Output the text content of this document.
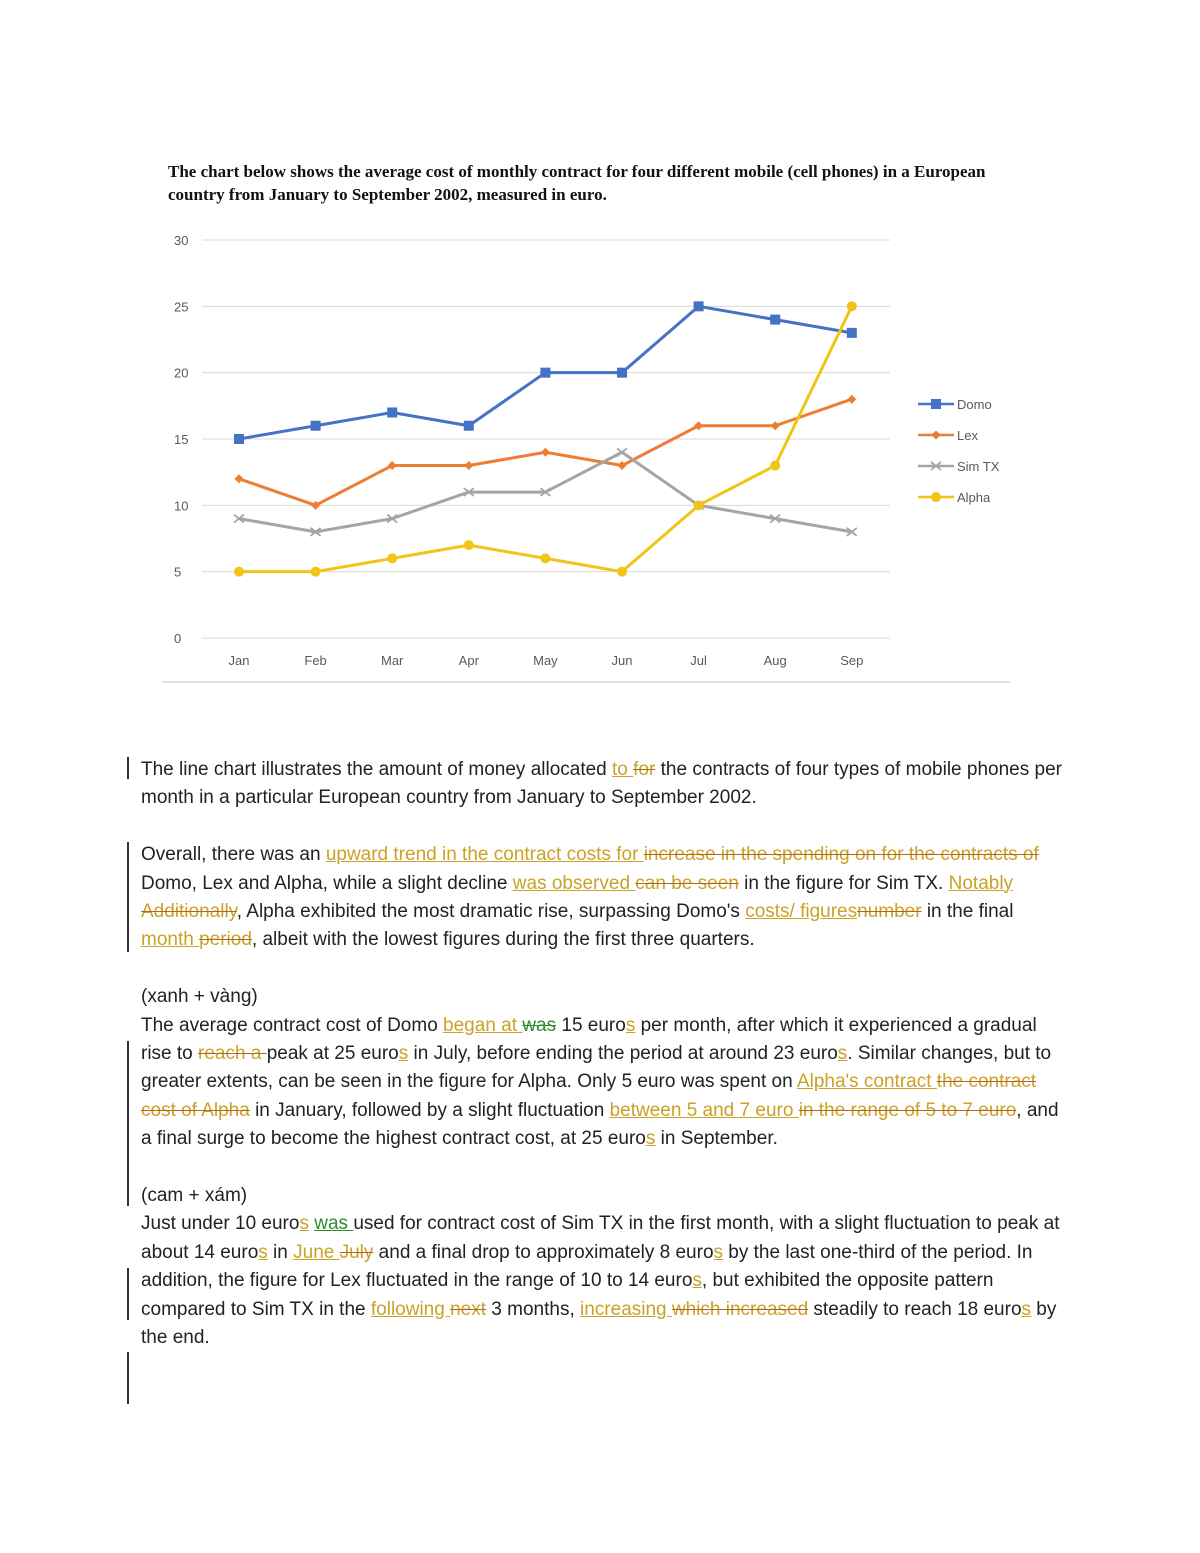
The chart below shows the average cost of monthly contract for four different mobile (cell phones) in a European country from January to September 2002, measured in euro.
0
5
10
15
20
25
30
Jan	Feb	Mar	Apr	May	Jun	Jul	Aug	Sep
Domo
Lex
Sim TX
Alpha

The line chart illustrates the amount of money allocated to for the contracts of four types of mobile phones per month in a particular European country from January to September 2002.

Overall, there was an upward trend in the contract costs for increase in the spending on for the contracts of Domo, Lex and Alpha, while a slight decline was observed can be seen in the figure for Sim TX. Notably Additionally, Alpha exhibited the most dramatic rise, surpassing Domo's costs/ figuresnumber in the final month period, albeit with the lowest figures during the first three quarters.

(xanh + vàng)

The average contract cost of Domo began at was 15 euros per month, after which it experienced a gradual rise to reach a peak at 25 euros in July, before ending the period at around 23 euros. Similar changes, but to greater extents, can be seen in the figure for Alpha. Only 5 euro was spent on Alpha's contract the contract cost of Alpha in January, followed by a slight fluctuation between 5 and 7 euro in the range of 5 to 7 euro, and a final surge to become the highest contract cost, at 25 euros in September.

(cam + xám)

Just under 10 euros was used for contract cost of Sim TX in the first month, with a slight fluctuation to peak at about 14 euros in June July and a final drop to approximately 8 euros by the last one-third of the period. In addition, the figure for Lex fluctuated in the range of 10 to 14 euros, but exhibited the opposite pattern compared to Sim TX in the following next 3 months, increasing which increased steadily to reach 18 euros by the end.
